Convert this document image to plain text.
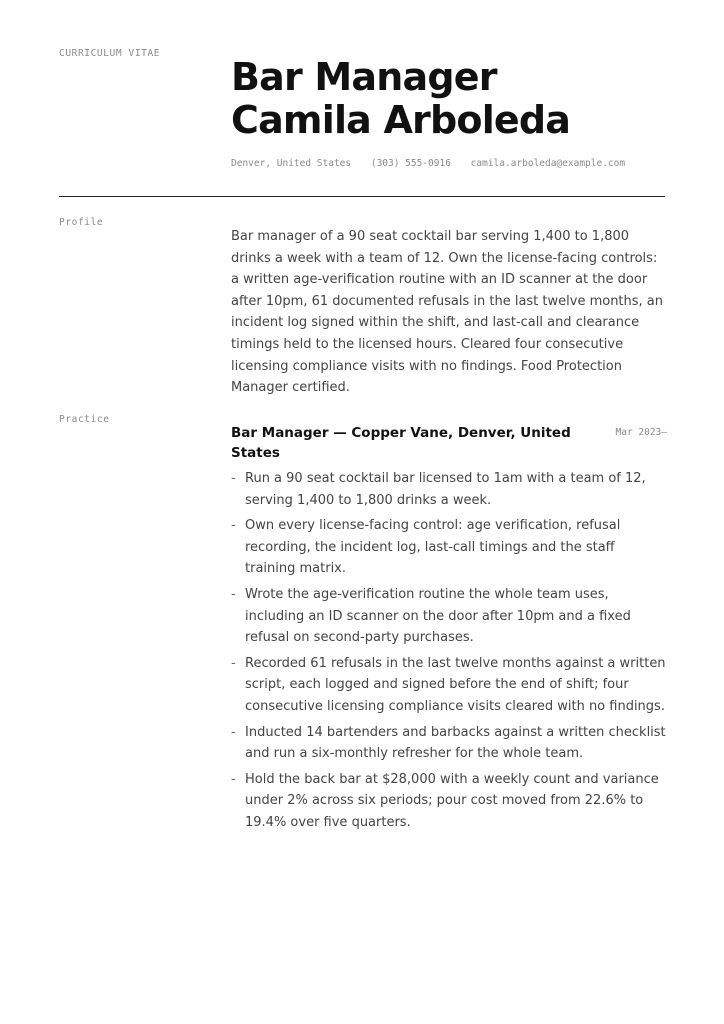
CURRICULUM VITAE
Bar Manager
Camila Arboleda
Denver, United States (303) 555-0916 camila.arboleda@example.com
Profile

Bar manager of a 90 seat cocktail bar serving 1,400 to 1,800 drinks a week with a team of 12. Own the license-facing controls: a written age-verification routine with an ID scanner at the door after 10pm, 61 documented refusals in the last twelve months, an incident log signed within the shift, and last-call and clearance timings held to the licensed hours. Cleared four consecutive licensing compliance visits with no findings. Food Protection Manager certified.

Practice
Bar Manager — Copper Vane, Denver, United States
Mar 2023–
- Run a 90 seat cocktail bar licensed to 1am with a team of 12, serving 1,400 to 1,800 drinks a week.
- Own every license-facing control: age verification, refusal recording, the incident log, last-call timings and the staff training matrix.
- Wrote the age-verification routine the whole team uses, including an ID scanner on the door after 10pm and a fixed refusal on second-party purchases.
- Recorded 61 refusals in the last twelve months against a written script, each logged and signed before the end of shift; four consecutive licensing compliance visits cleared with no findings.
- Inducted 14 bartenders and barbacks against a written checklist and run a six-monthly refresher for the whole team.
- Hold the back bar at $28,000 with a weekly count and variance under 2% across six periods; pour cost moved from 22.6% to 19.4% over five quarters.
